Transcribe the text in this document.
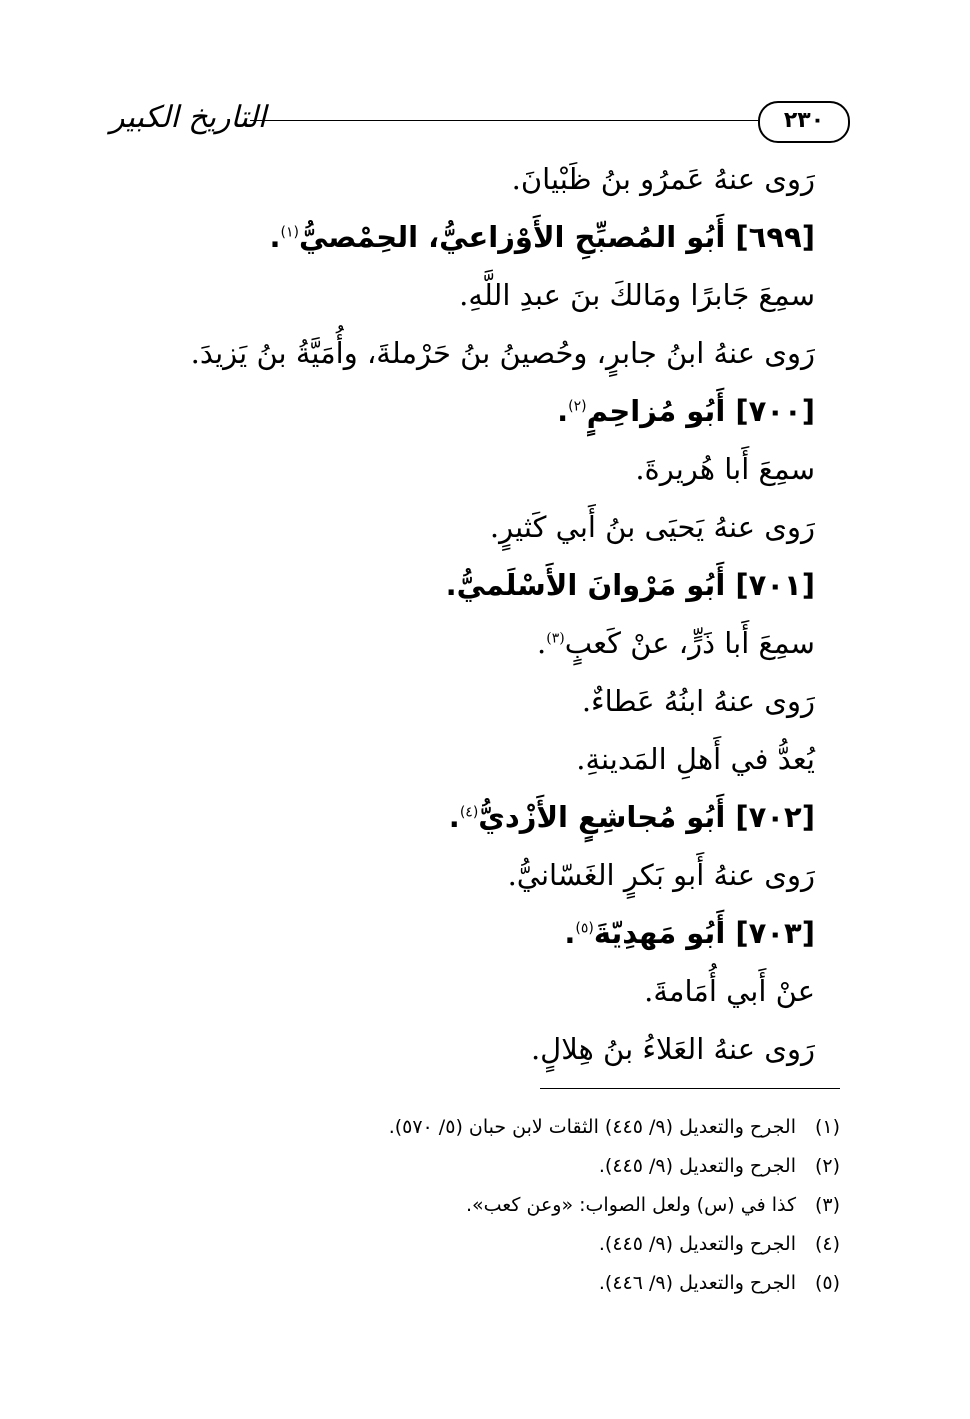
التاريخ الكبير	٢٣٠
رَوى عنهُ عَمرُو بنُ ظَبْيانَ.
[٦٩٩] أَبُو المُصبِّحِ الأَوْزاعيُّ، الحِمْصيُّ$^{(١)}$.
سمِعَ جَابرًا ومَالكَ بنَ عبدِ اللَّهِ.
رَوى عنهُ ابنُ جابرٍ، وحُصينُ بنُ حَرْملةَ، وأُمَيَّةُ بنُ يَزيدَ.
[٧٠٠] أَبُو مُزاحِمٍ$^{(٢)}$.
سمِعَ أَبا هُريرةَ.
رَوى عنهُ يَحيَى بنُ أَبي كَثيرٍ.
[٧٠١] أَبُو مَرْوانَ الأَسْلَميُّ.
سمِعَ أَبا ذَرٍّ، عنْ كَعبٍ$^{(٣)}$.
رَوى عنهُ ابنُهُ عَطاءٌ.
يُعدُّ في أَهلِ المَدينةِ.
[٧٠٢] أَبُو مُجاشِعٍ الأَزْديُّ$^{(٤)}$.
رَوى عنهُ أَبو بَكرٍ الغَسّانيُّ.
[٧٠٣] أَبُو مَهدِيّةَ$^{(٥)}$.
عنْ أَبي أُمَامةَ.
رَوى عنهُ العَلاءُ بنُ هِلالٍ.
(١)الجرح والتعديل (٩/ ٤٤٥) الثقات لابن حبان (٥/ ٥٧٠).
(٢)الجرح والتعديل (٩/ ٤٤٥).
(٣)كذا في (س) ولعل الصواب: «وعن كعب».
(٤)الجرح والتعديل (٩/ ٤٤٥).
(٥)الجرح والتعديل (٩/ ٤٤٦).
